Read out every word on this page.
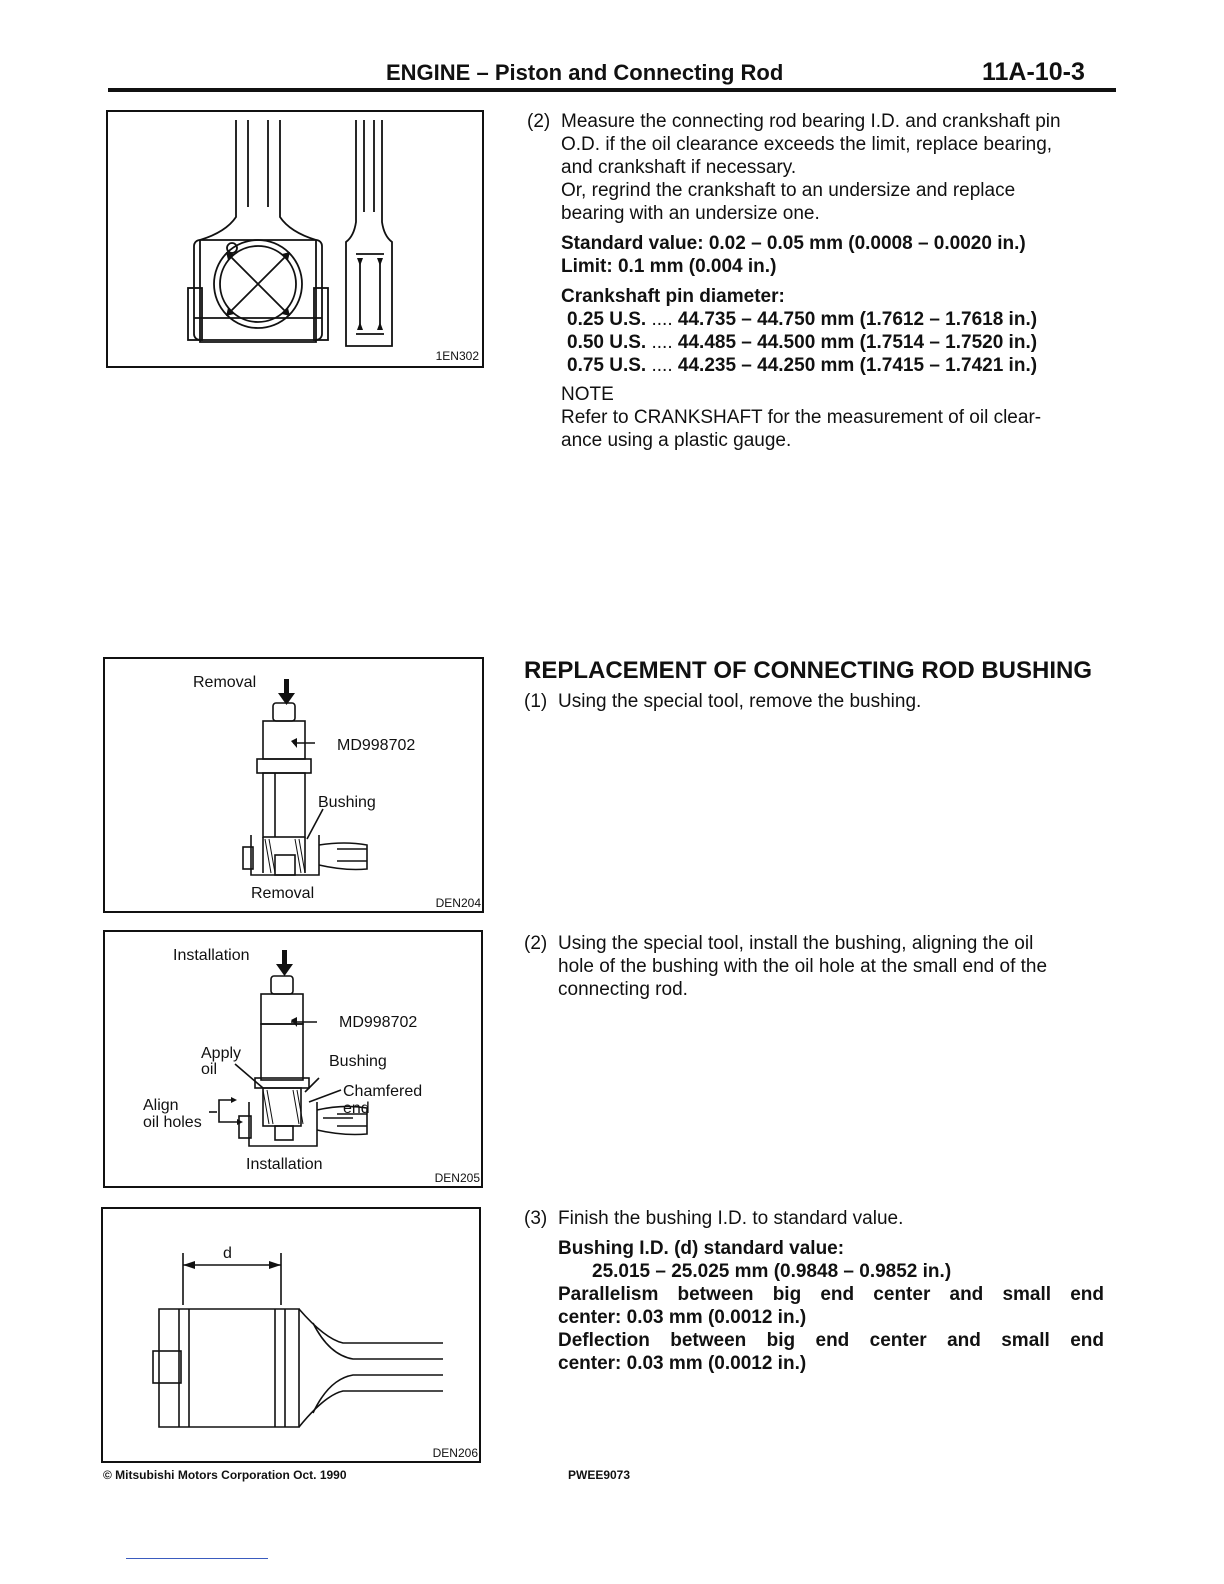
ENGINE – Piston and Connecting Rod	11A-10-3
1EN302
(2) Measure the connecting rod bearing I.D. and crankshaft pin

O.D. if the oil clearance exceeds the limit, replace bearing,

and crankshaft if necessary.

Or, regrind the crankshaft to an undersize and replace

bearing with an undersize one.

Standard value: 0.02 – 0.05 mm (0.0008 – 0.0020 in.)

Limit: 0.1 mm (0.004 in.)

Crankshaft pin diameter:

0.25 U.S. .... 44.735 – 44.750 mm (1.7612 – 1.7618 in.)
0.50 U.S. .... 44.485 – 44.500 mm (1.7514 – 1.7520 in.)
0.75 U.S. .... 44.235 – 44.250 mm (1.7415 – 1.7421 in.)

NOTE

Refer to CRANKSHAFT for the measurement of oil clear-

ance using a plastic gauge.

Removal
MD998702
Bushing
Removal
DEN204
REPLACEMENT OF CONNECTING ROD BUSHING
(1) Using the special tool, remove the bushing.
Installation
MD998702
Apply
oil	Bushing
Chamfered
end
Align
oil holes
Installation
DEN205
(2) Using the special tool, install the bushing, aligning the oil

hole of the bushing with the oil hole at the small end of the

connecting rod.

d
DEN206
(3) Finish the bushing I.D. to standard value.

Bushing I.D. (d) standard value:

25.015 – 25.025 mm (0.9848 – 0.9852 in.)

Parallelism between big end center and small end

center: 0.03 mm (0.0012 in.)

Deflection between big end center and small end

center: 0.03 mm (0.0012 in.)

© Mitsubishi Motors Corporation Oct. 1990	PWEE9073
